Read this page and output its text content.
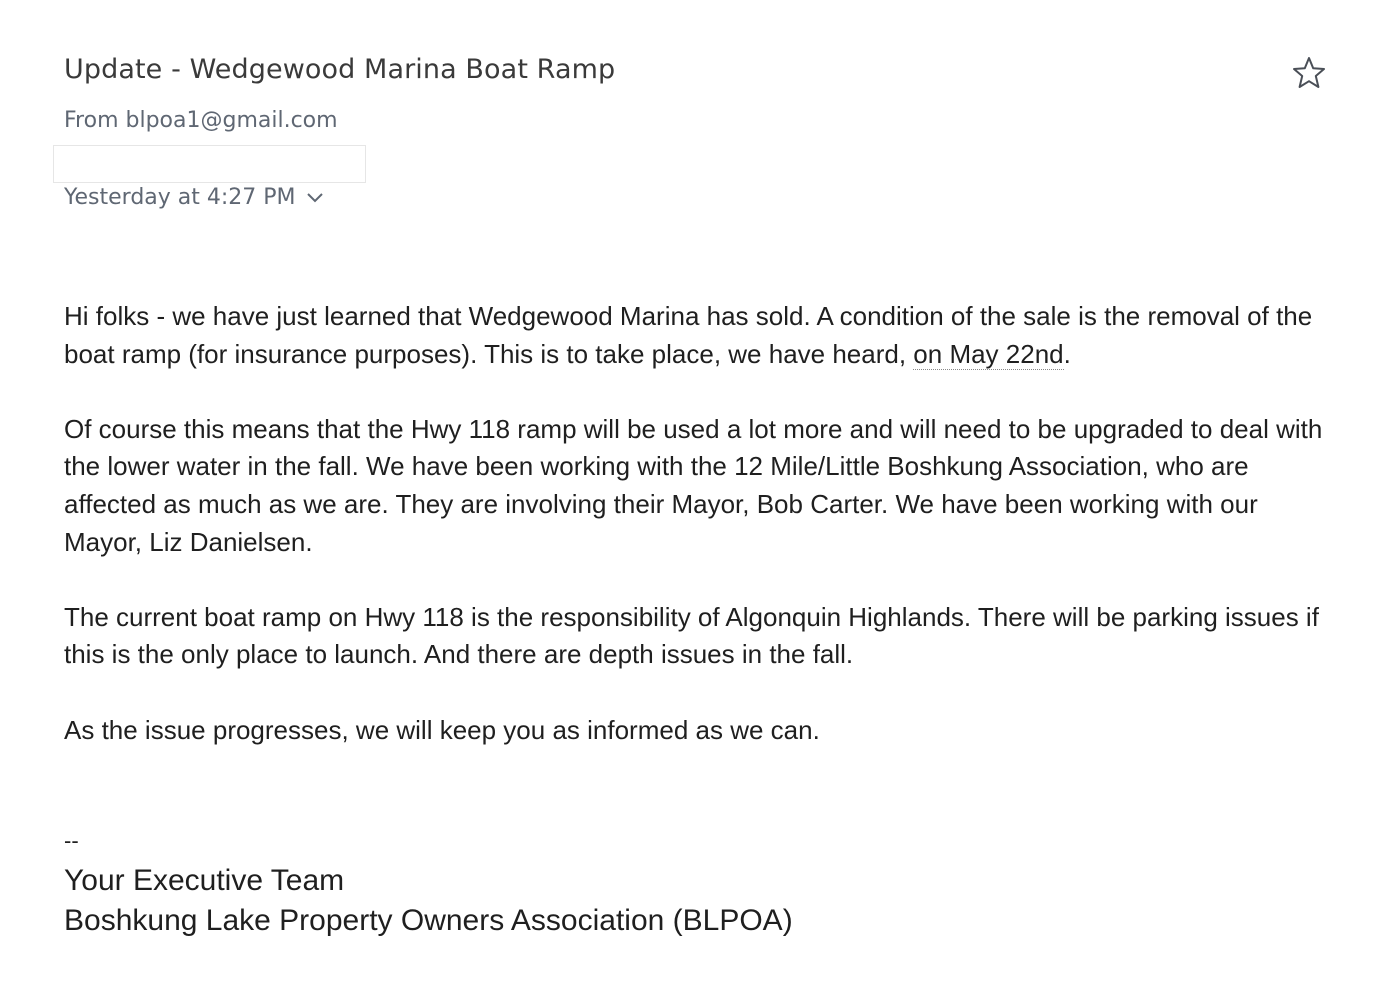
Update - Wedgewood Marina Boat Ramp
From blpoa1@gmail.com
Yesterday at 4:27 PM

Hi folks - we have just learned that Wedgewood Marina has sold. A condition of the sale is the removal of the boat ramp (for insurance purposes). This is to take place, we have heard, on May 22nd.

Of course this means that the Hwy 118 ramp will be used a lot more and will need to be upgraded to deal with the lower water in the fall. We have been working with the 12 Mile/Little Boshkung Association, who are affected as much as we are. They are involving their Mayor, Bob Carter. We have been working with our Mayor, Liz Danielsen.

The current boat ramp on Hwy 118 is the responsibility of Algonquin Highlands. There will be parking issues if this is the only place to launch. And there are depth issues in the fall.

As the issue progresses, we will keep you as informed as we can.

--
Your Executive Team
Boshkung Lake Property Owners Association (BLPOA)
